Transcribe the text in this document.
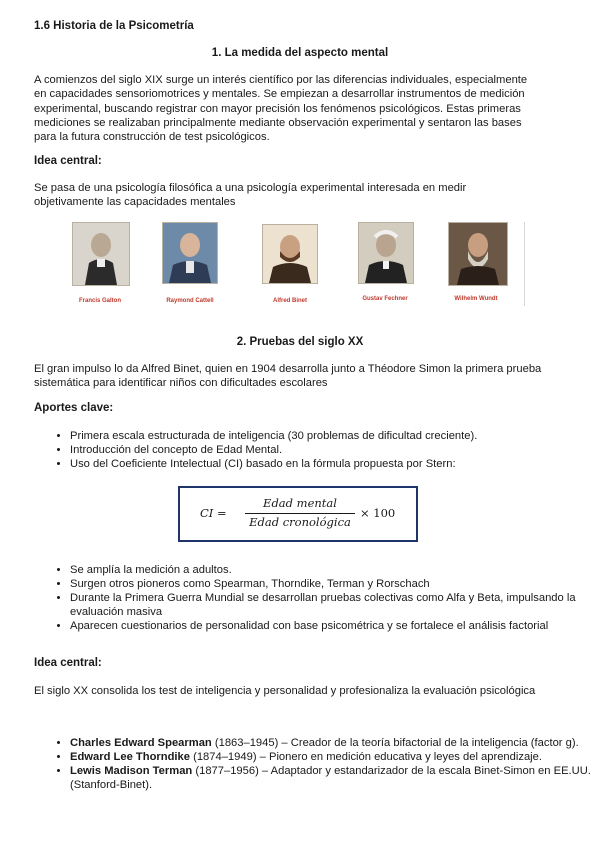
1.6 Historia de la Psicometría
1. La medida del aspecto mental
A comienzos del siglo XIX surge un interés científico por las diferencias individuales, especialmente
en capacidades sensoriomotrices y mentales. Se empiezan a desarrollar instrumentos de medición
experimental, buscando registrar con mayor precisión los fenómenos psicológicos. Estas primeras
mediciones se realizaban principalmente mediante observación experimental y sentaron las bases
para la futura construcción de test psicológicos.
Idea central:
Se pasa de una psicología filosófica a una psicología experimental interesada en medir
objetivamente las capacidades mentales
Francis Galton	Raymond Cattell	Alfred Binet	Gustav Fechner	Wilhelm Wundt
2. Pruebas del siglo XX
El gran impulso lo da Alfred Binet, quien en 1904 desarrolla junto a Théodore Simon la primera prueba
sistemática para identificar niños con dificultades escolares
Aportes clave:
• Primera escala estructurada de inteligencia (30 problemas de dificultad creciente).
• Introducción del concepto de Edad Mental.
• Uso del Coeficiente Intelectual (CI) basado en la fórmula propuesta por Stern:
CI =
Edad mental
Edad cronológica
× 100
• Se amplía la medición a adultos.
• Surgen otros pioneros como Spearman, Thorndike, Terman y Rorschach
• Durante la Primera Guerra Mundial se desarrollan pruebas colectivas como Alfa y Beta, impulsando la evaluación masiva
• Aparecen cuestionarios de personalidad con base psicométrica y se fortalece el análisis factorial
Idea central:
El siglo XX consolida los test de inteligencia y personalidad y profesionaliza la evaluación psicológica
• Charles Edward Spearman (1863–1945) – Creador de la teoría bifactorial de la inteligencia (factor g).
• Edward Lee Thorndike (1874–1949) – Pionero en medición educativa y leyes del aprendizaje.
• Lewis Madison Terman (1877–1956) – Adaptador y estandarizador de la escala Binet-Simon en EE.UU. (Stanford-Binet).
